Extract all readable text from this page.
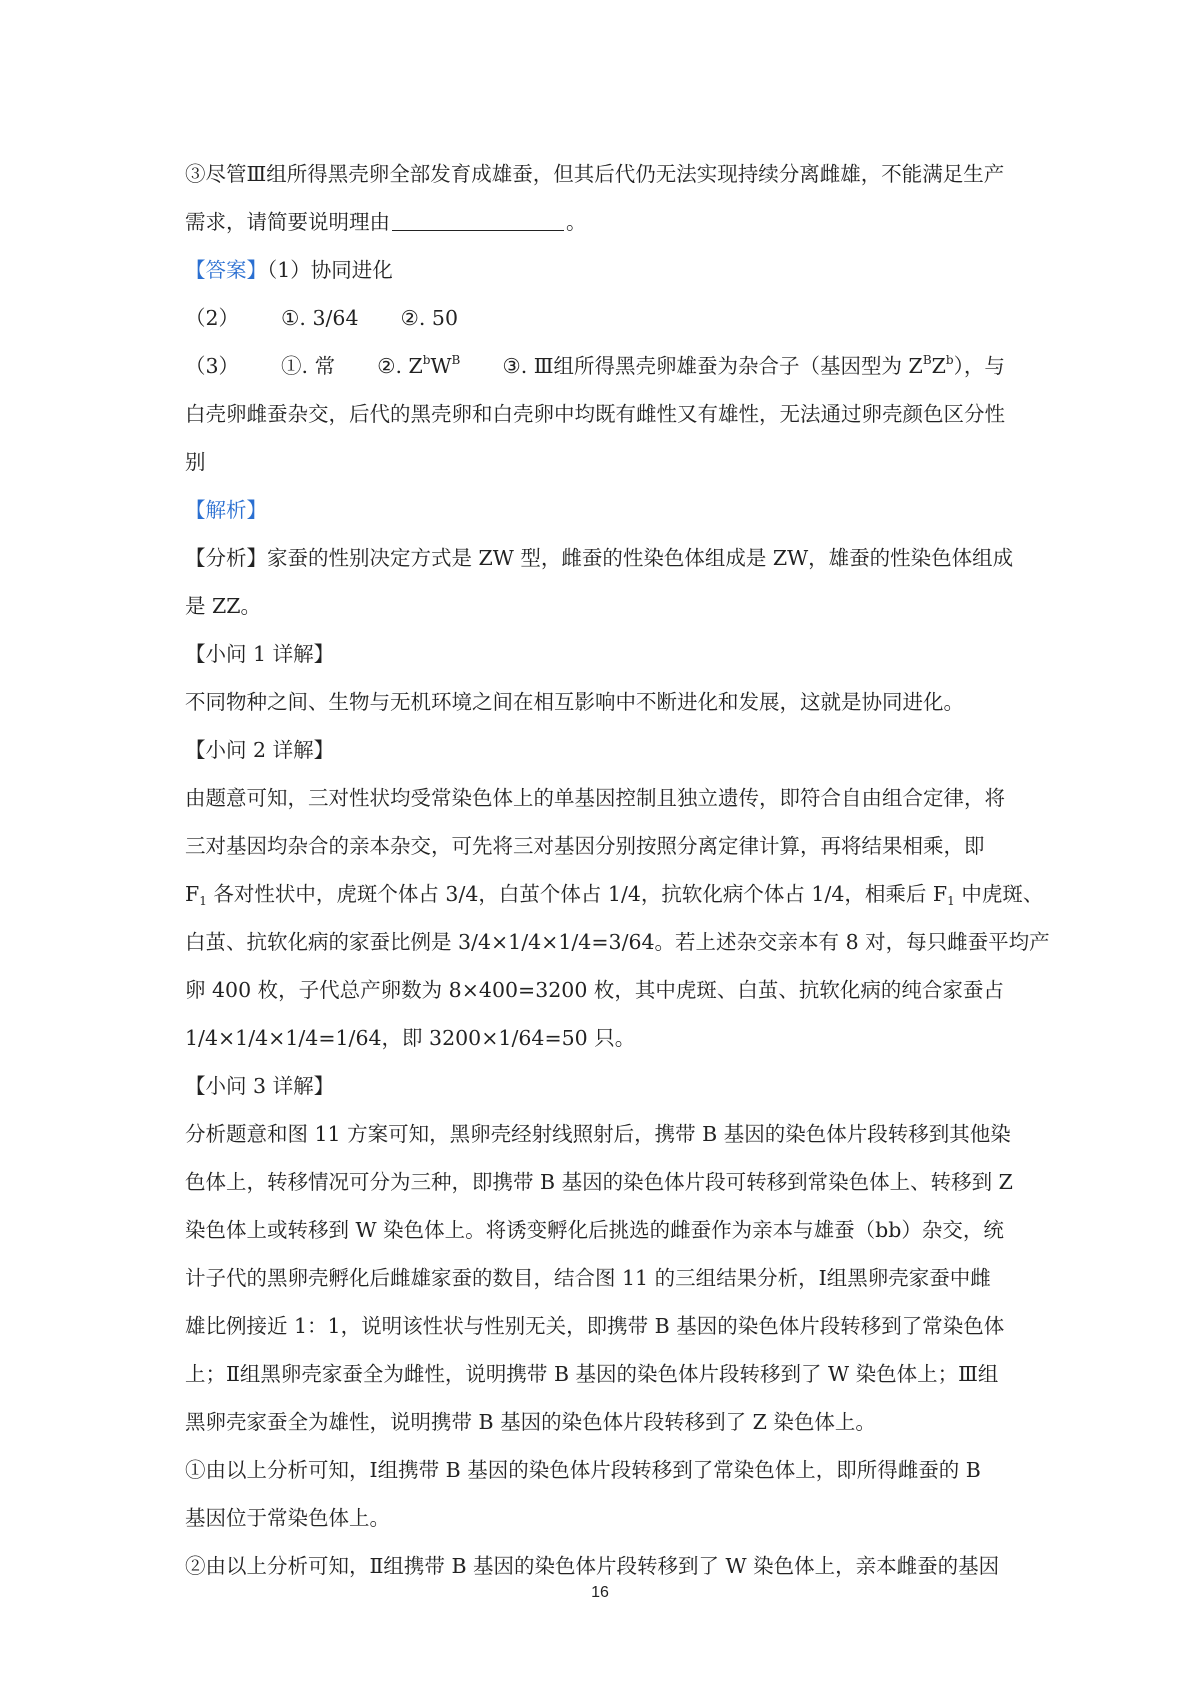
③尽管Ⅲ组所得黑壳卵全部发育成雄蚕，但其后代仍无法实现持续分离雌雄，不能满足生产
需求，请简要说明理由	。
【答案】（1）协同进化
（2） ①. 3/64 ②. 50
（3） ①. 常 ②. $Z^bW^B$ ③. Ⅲ组所得黑壳卵雄蚕为杂合子（基因型为 $Z^BZ^b$），与
白壳卵雌蚕杂交，后代的黑壳卵和白壳卵中均既有雌性又有雄性，无法通过卵壳颜色区分性
别
【解析】
【分析】家蚕的性别决定方式是 ZW 型，雌蚕的性染色体组成是 ZW，雄蚕的性染色体组成
是 ZZ。
【小问 1 详解】
不同物种之间、生物与无机环境之间在相互影响中不断进化和发展，这就是协同进化。
【小问 2 详解】
由题意可知，三对性状均受常染色体上的单基因控制且独立遗传，即符合自由组合定律，将
三对基因均杂合的亲本杂交，可先将三对基因分别按照分离定律计算，再将结果相乘，即
$F_1$ 各对性状中，虎斑个体占 3/4，白茧个体占 1/4，抗软化病个体占 1/4，相乘后 $F_1$ 中虎斑、
白茧、抗软化病的家蚕比例是 3/4×1/4×1/4=3/64。若上述杂交亲本有 8 对，每只雌蚕平均产
卵 400 枚，子代总产卵数为 8×400=3200 枚，其中虎斑、白茧、抗软化病的纯合家蚕占
1/4×1/4×1/4=1/64，即 3200×1/64=50 只。
【小问 3 详解】
分析题意和图 11 方案可知，黑卵壳经射线照射后，携带 B 基因的染色体片段转移到其他染
色体上，转移情况可分为三种，即携带 B 基因的染色体片段可转移到常染色体上、转移到 Z
染色体上或转移到 W 染色体上。将诱变孵化后挑选的雌蚕作为亲本与雄蚕（bb）杂交，统
计子代的黑卵壳孵化后雌雄家蚕的数目，结合图 11 的三组结果分析，Ⅰ组黑卵壳家蚕中雌
雄比例接近 1：1，说明该性状与性别无关，即携带 B 基因的染色体片段转移到了常染色体
上；Ⅱ组黑卵壳家蚕全为雌性，说明携带 B 基因的染色体片段转移到了 W 染色体上；Ⅲ组
黑卵壳家蚕全为雄性，说明携带 B 基因的染色体片段转移到了 Z 染色体上。
①由以上分析可知，Ⅰ组携带 B 基因的染色体片段转移到了常染色体上，即所得雌蚕的 B
基因位于常染色体上。
②由以上分析可知，Ⅱ组携带 B 基因的染色体片段转移到了 W 染色体上，亲本雌蚕的基因
16
